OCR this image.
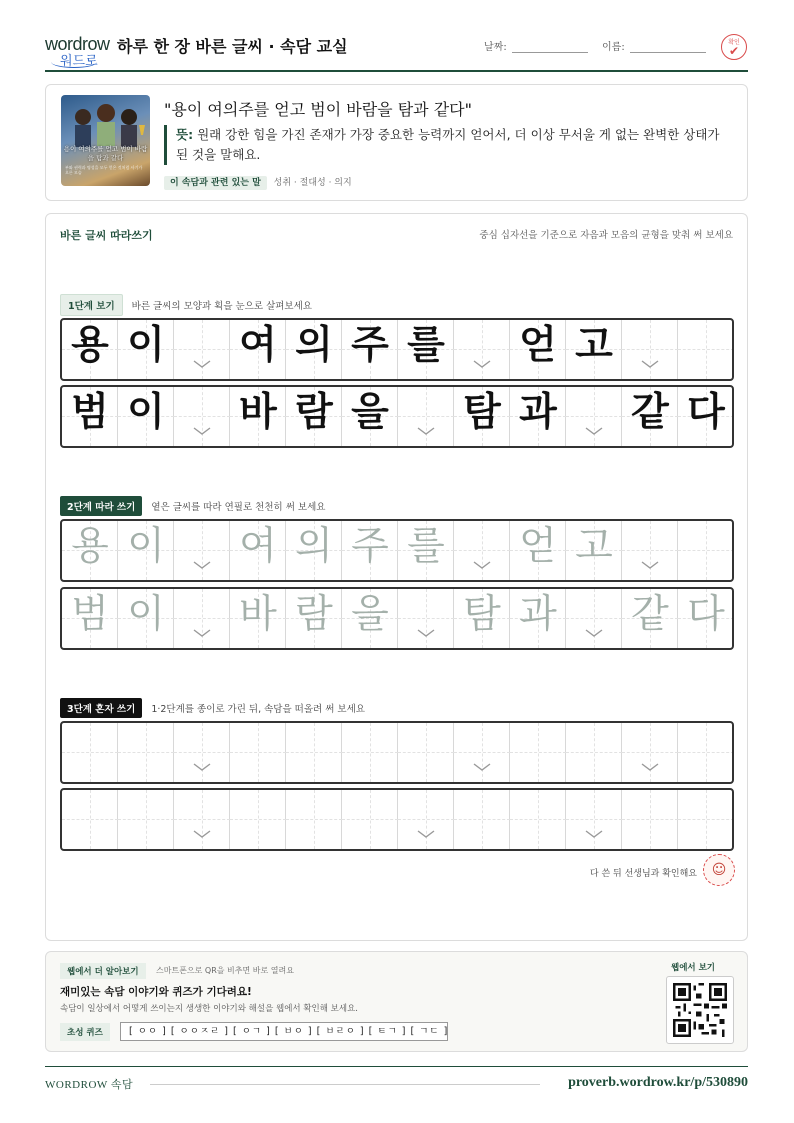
wordrow
워드로
하루 한 장 바른 글씨 · 속담 교실	날짜:	이름:	확인
✔
용이 여의주를 얻고 범이 바람을 탐과 같다
부와 권력과 명성을 모두 얻은 것처럼 사기가 오른 모습
"용이 여의주를 얻고 범이 바람을 탐과 같다"
뜻: 원래 강한 힘을 가진 존재가 가장 중요한 능력까지 얻어서, 더 이상 무서울 게 없는 완벽한 상태가 된 것을 말해요.
이 속담과 관련 있는 말 성취 · 절대성 · 의지
바른 글씨 따라쓰기	중심 십자선을 기준으로 자음과 모음의 균형을 맞춰 써 보세요
1단계 보기 바른 글씨의 모양과 획을 눈으로 살펴보세요
용 이 여 의 주 를 얻 고
범 이 바 람 을 탐 과 같 다
2단계 따라 쓰기 옅은 글씨를 따라 연필로 천천히 써 보세요
용 이 여 의 주 를 얻 고
범 이 바 람 을 탐 과 같 다
3단계 혼자 쓰기 1·2단계를 종이로 가린 뒤, 속담을 떠올려 써 보세요
다 쓴 뒤 선생님과 확인해요	☺
웹에서 더 알아보기	스마트폰으로 QR을 비추면 바로 열려요
재미있는 속담 이야기와 퀴즈가 기다려요!
속담이 일상에서 어떻게 쓰이는지 생생한 이야기와 해설을 웹에서 확인해 보세요.
초성 퀴즈	[ ㅇㅇ ] [ ㅇㅇㅈㄹ ] [ ㅇㄱ ] [ ㅂㅇ ] [ ㅂㄹㅇ ] [ ㅌㄱ ] [ ㄱㄷ ]
웹에서 보기
WORDROW 속담	proverb.wordrow.kr/p/530890
